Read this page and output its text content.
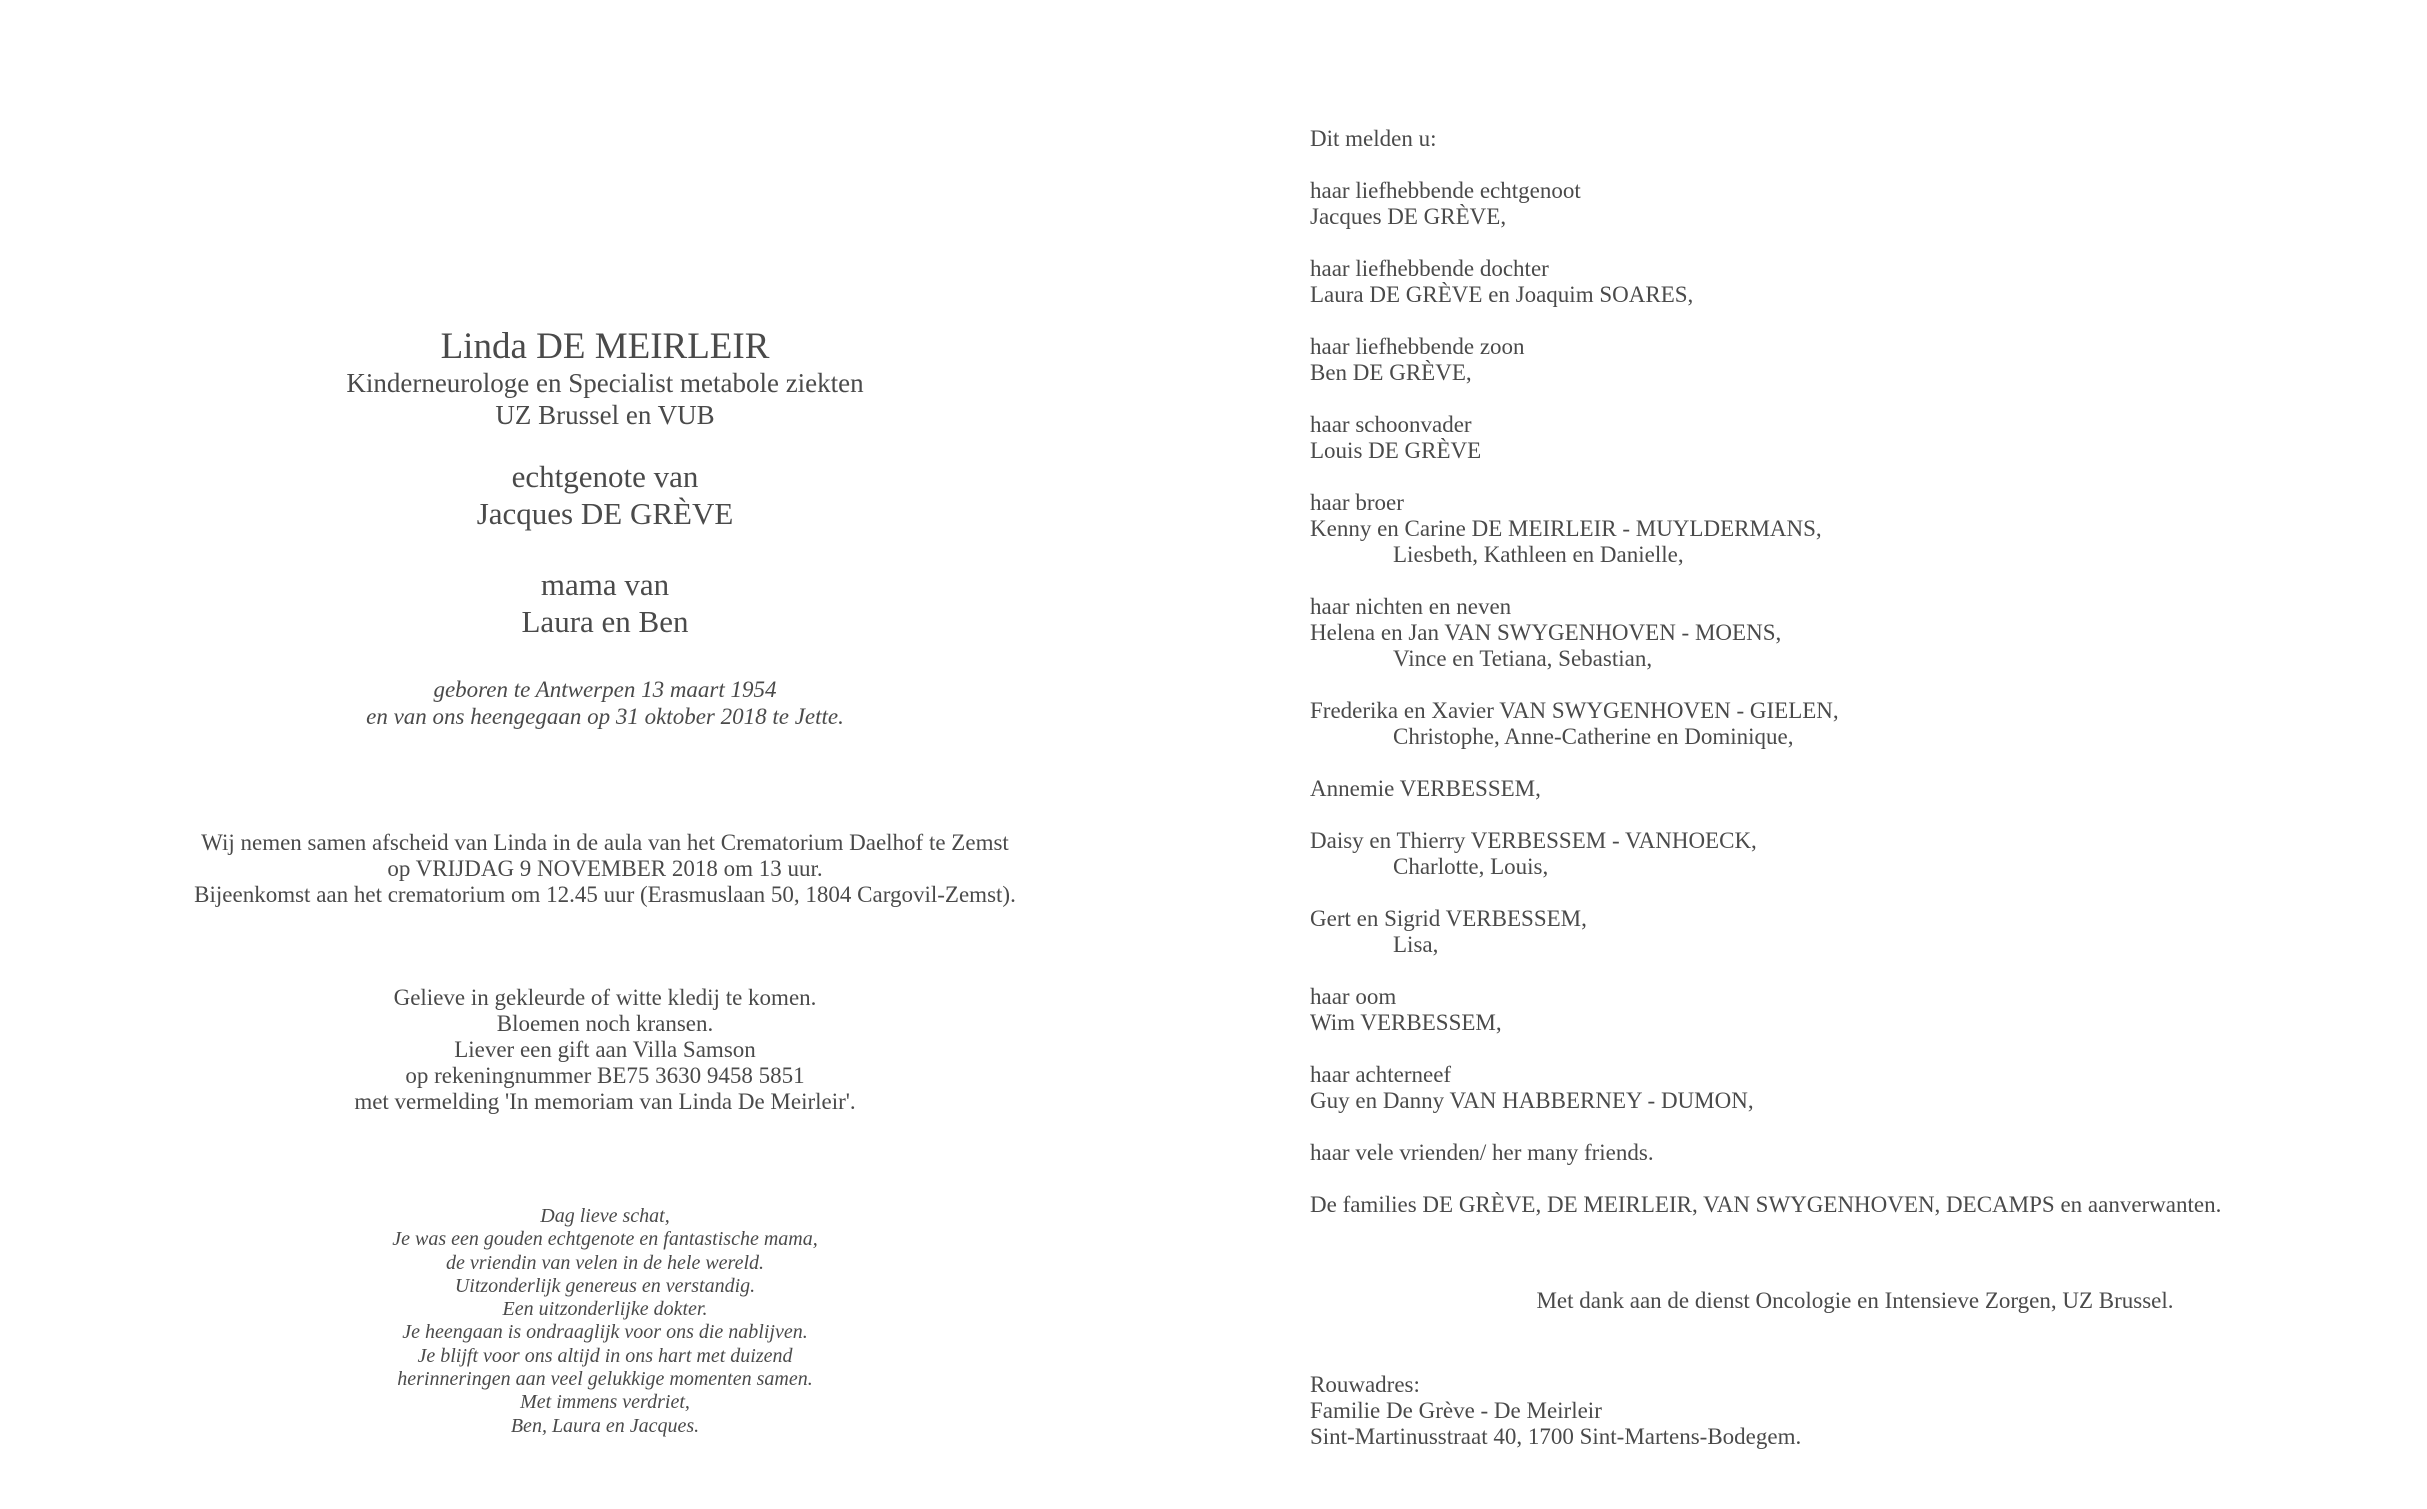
Linda DE MEIRLEIR
Kinderneurologe en Specialist metabole ziekten
UZ Brussel en VUB
echtgenote van
Jacques DE GRÈVE
mama van
Laura en Ben
geboren te Antwerpen 13 maart 1954
en van ons heengegaan op 31 oktober 2018 te Jette.
Wij nemen samen afscheid van Linda in de aula van het Crematorium Daelhof te Zemst
op VRIJDAG 9 NOVEMBER 2018 om 13 uur.
Bijeenkomst aan het crematorium om 12.45 uur (Erasmuslaan 50, 1804 Cargovil-Zemst).
Gelieve in gekleurde of witte kledij te komen.
Bloemen noch kransen.
Liever een gift aan Villa Samson
op rekeningnummer BE75 3630 9458 5851
met vermelding 'In memoriam van Linda De Meirleir'.
Dag lieve schat,
Je was een gouden echtgenote en fantastische mama,
de vriendin van velen in de hele wereld.
Uitzonderlijk genereus en verstandig.
Een uitzonderlijke dokter.
Je heengaan is ondraaglijk voor ons die nablijven.
Je blijft voor ons altijd in ons hart met duizend
herinneringen aan veel gelukkige momenten samen.
Met immens verdriet,
Ben, Laura en Jacques.
Dit melden u:
haar liefhebbende echtgenoot
Jacques DE GRÈVE,
haar liefhebbende dochter
Laura DE GRÈVE en Joaquim SOARES,
haar liefhebbende zoon
Ben DE GRÈVE,
haar schoonvader
Louis DE GRÈVE
haar broer
Kenny en Carine DE MEIRLEIR - MUYLDERMANS,
Liesbeth, Kathleen en Danielle,
haar nichten en neven
Helena en Jan VAN SWYGENHOVEN - MOENS,
Vince en Tetiana, Sebastian,
Frederika en Xavier VAN SWYGENHOVEN - GIELEN,
Christophe, Anne-Catherine en Dominique,
Annemie VERBESSEM,
Daisy en Thierry VERBESSEM - VANHOECK,
Charlotte, Louis,
Gert en Sigrid VERBESSEM,
Lisa,
haar oom
Wim VERBESSEM,
haar achterneef
Guy en Danny VAN HABBERNEY - DUMON,
haar vele vrienden/ her many friends.
De families DE GRÈVE, DE MEIRLEIR, VAN SWYGENHOVEN, DECAMPS en aanverwanten.
Met dank aan de dienst Oncologie en Intensieve Zorgen, UZ Brussel.
Rouwadres:
Familie De Grève - De Meirleir
Sint-Martinusstraat 40, 1700 Sint-Martens-Bodegem.
